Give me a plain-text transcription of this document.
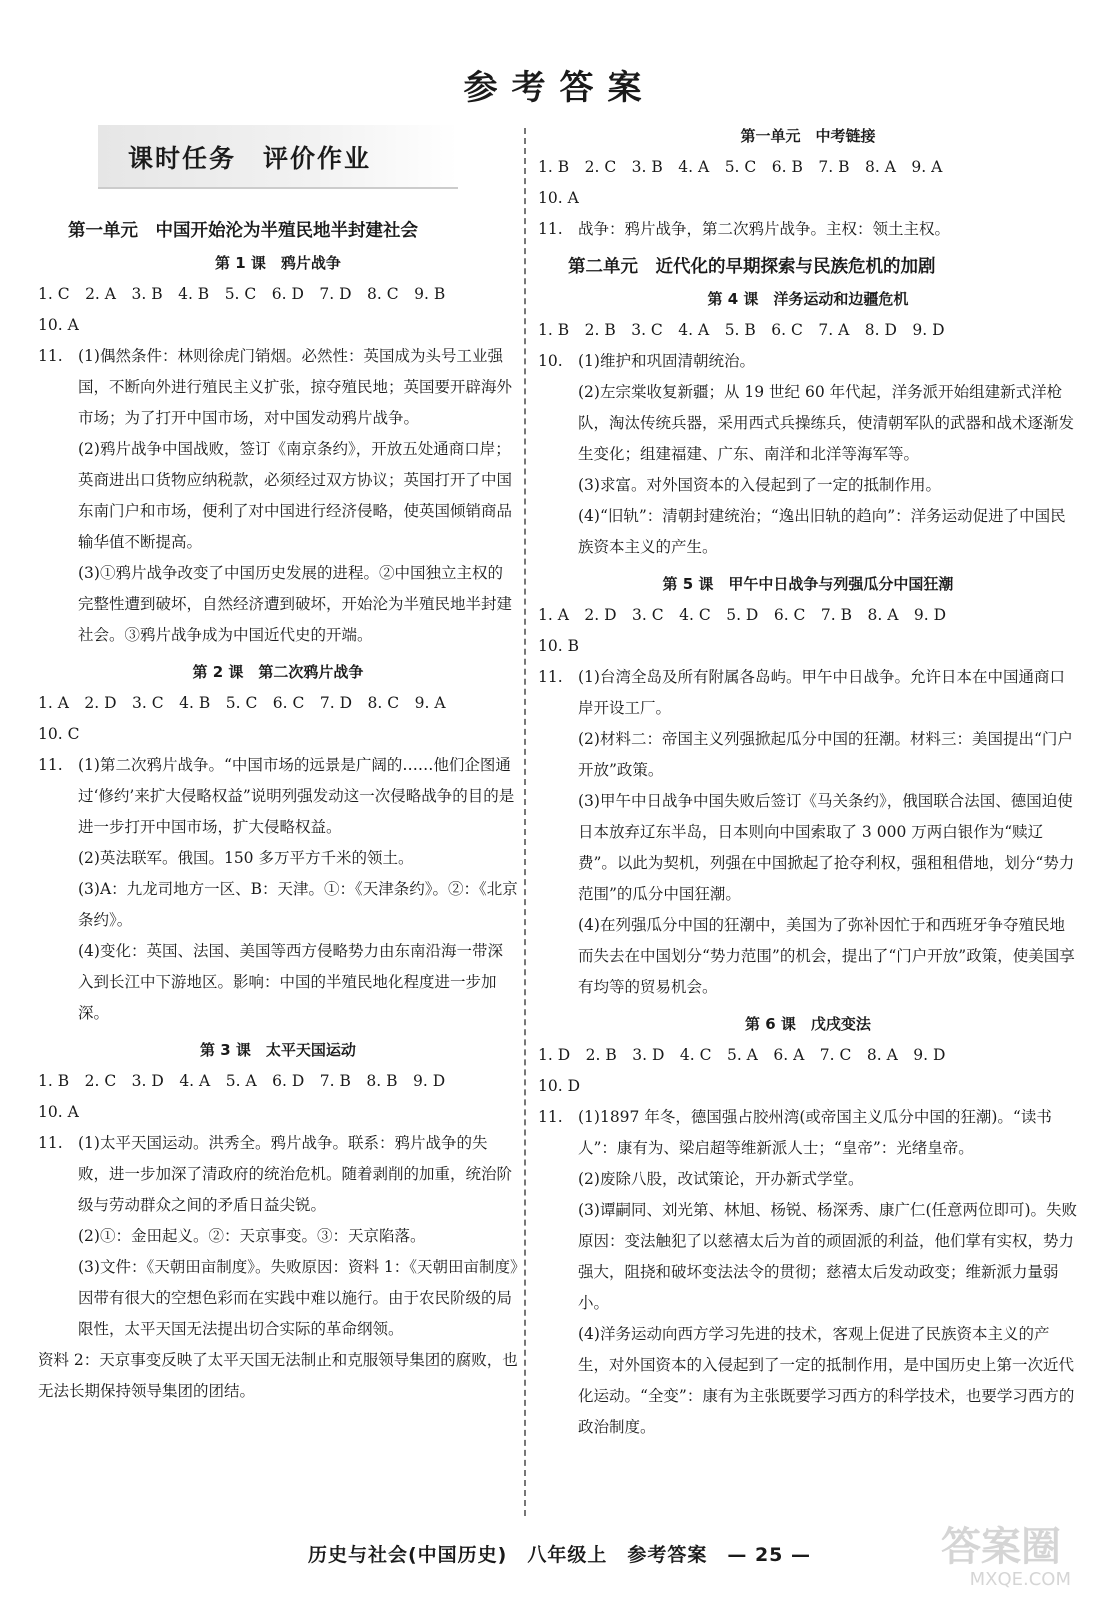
参考答案
课时任务　评价作业
第一单元　中国开始沦为半殖民地半封建社会
第 1 课　鸦片战争
1. C　2. A　3. B　4. B　5. C　6. D　7. D　8. C　9. B
10. A
11. (1)偶然条件：林则徐虎门销烟。必然性：英国成为头号工业强国，不断向外进行殖民主义扩张，掠夺殖民地；英国要开辟海外市场；为了打开中国市场，对中国发动鸦片战争。

(2)鸦片战争中国战败，签订《南京条约》，开放五处通商口岸；英商进出口货物应纳税款，必须经过双方协议；英国打开了中国东南门户和市场，便利了对中国进行经济侵略，使英国倾销商品输华值不断提高。

(3)①鸦片战争改变了中国历史发展的进程。②中国独立主权的完整性遭到破坏，自然经济遭到破坏，开始沦为半殖民地半封建社会。③鸦片战争成为中国近代史的开端。

第 2 课　第二次鸦片战争
1. A　2. D　3. C　4. B　5. C　6. C　7. D　8. C　9. A
10. C
11. (1)第二次鸦片战争。“中国市场的远景是广阔的……他们企图通过‘修约’来扩大侵略权益”说明列强发动这一次侵略战争的目的是进一步打开中国市场，扩大侵略权益。

(2)英法联军。俄国。150 多万平方千米的领土。

(3)A：九龙司地方一区、B：天津。①：《天津条约》。②：《北京条约》。

(4)变化：英国、法国、美国等西方侵略势力由东南沿海一带深入到长江中下游地区。影响：中国的半殖民地化程度进一步加深。

第 3 课　太平天国运动
1. B　2. C　3. D　4. A　5. A　6. D　7. B　8. B　9. D
10. A
11. (1)太平天国运动。洪秀全。鸦片战争。联系：鸦片战争的失败，进一步加深了清政府的统治危机。随着剥削的加重，统治阶级与劳动群众之间的矛盾日益尖锐。

(2)①：金田起义。②：天京事变。③：天京陷落。

(3)文件：《天朝田亩制度》。失败原因：资料 1：《天朝田亩制度》因带有很大的空想色彩而在实践中难以施行。由于农民阶级的局限性，太平天国无法提出切合实际的革命纲领。

资料 2：天京事变反映了太平天国无法制止和克服领导集团的腐败，也无法长期保持领导集团的团结。
第一单元　中考链接
1. B　2. C　3. B　4. A　5. C　6. B　7. B　8. A　9. A
10. A
11. 战争：鸦片战争，第二次鸦片战争。主权：领土主权。

第二单元　近代化的早期探索与民族危机的加剧
第 4 课　洋务运动和边疆危机
1. B　2. B　3. C　4. A　5. B　6. C　7. A　8. D　9. D
10. (1)维护和巩固清朝统治。

(2)左宗棠收复新疆；从 19 世纪 60 年代起，洋务派开始组建新式洋枪队，淘汰传统兵器，采用西式兵操练兵，使清朝军队的武器和战术逐渐发生变化；组建福建、广东、南洋和北洋等海军等。

(3)求富。对外国资本的入侵起到了一定的抵制作用。

(4)“旧轨”：清朝封建统治；“逸出旧轨的趋向”：洋务运动促进了中国民族资本主义的产生。

第 5 课　甲午中日战争与列强瓜分中国狂潮
1. A　2. D　3. C　4. C　5. D　6. C　7. B　8. A　9. D
10. B
11. (1)台湾全岛及所有附属各岛屿。甲午中日战争。允许日本在中国通商口岸开设工厂。

(2)材料二：帝国主义列强掀起瓜分中国的狂潮。材料三：美国提出“门户开放”政策。

(3)甲午中日战争中国失败后签订《马关条约》，俄国联合法国、德国迫使日本放弃辽东半岛，日本则向中国索取了 3 000 万两白银作为“赎辽费”。以此为契机，列强在中国掀起了抢夺利权，强租租借地，划分“势力范围”的瓜分中国狂潮。

(4)在列强瓜分中国的狂潮中，美国为了弥补因忙于和西班牙争夺殖民地而失去在中国划分“势力范围”的机会，提出了“门户开放”政策，使美国享有均等的贸易机会。

第 6 课　戊戌变法
1. D　2. B　3. D　4. C　5. A　6. A　7. C　8. A　9. D
10. D
11. (1)1897 年冬，德国强占胶州湾(或帝国主义瓜分中国的狂潮)。“读书人”：康有为、梁启超等维新派人士；“皇帝”：光绪皇帝。

(2)废除八股，改试策论，开办新式学堂。

(3)谭嗣同、刘光第、林旭、杨锐、杨深秀、康广仁(任意两位即可)。失败原因：变法触犯了以慈禧太后为首的顽固派的利益，他们掌有实权，势力强大，阻挠和破坏变法法令的贯彻；慈禧太后发动政变；维新派力量弱小。

(4)洋务运动向西方学习先进的技术，客观上促进了民族资本主义的产生，对外国资本的入侵起到了一定的抵制作用，是中国历史上第一次近代化运动。“全变”：康有为主张既要学习西方的科学技术，也要学习西方的政治制度。

历史与社会(中国历史)　八年级上　参考答案　— 25 —	答案圈
MXQE.COM
